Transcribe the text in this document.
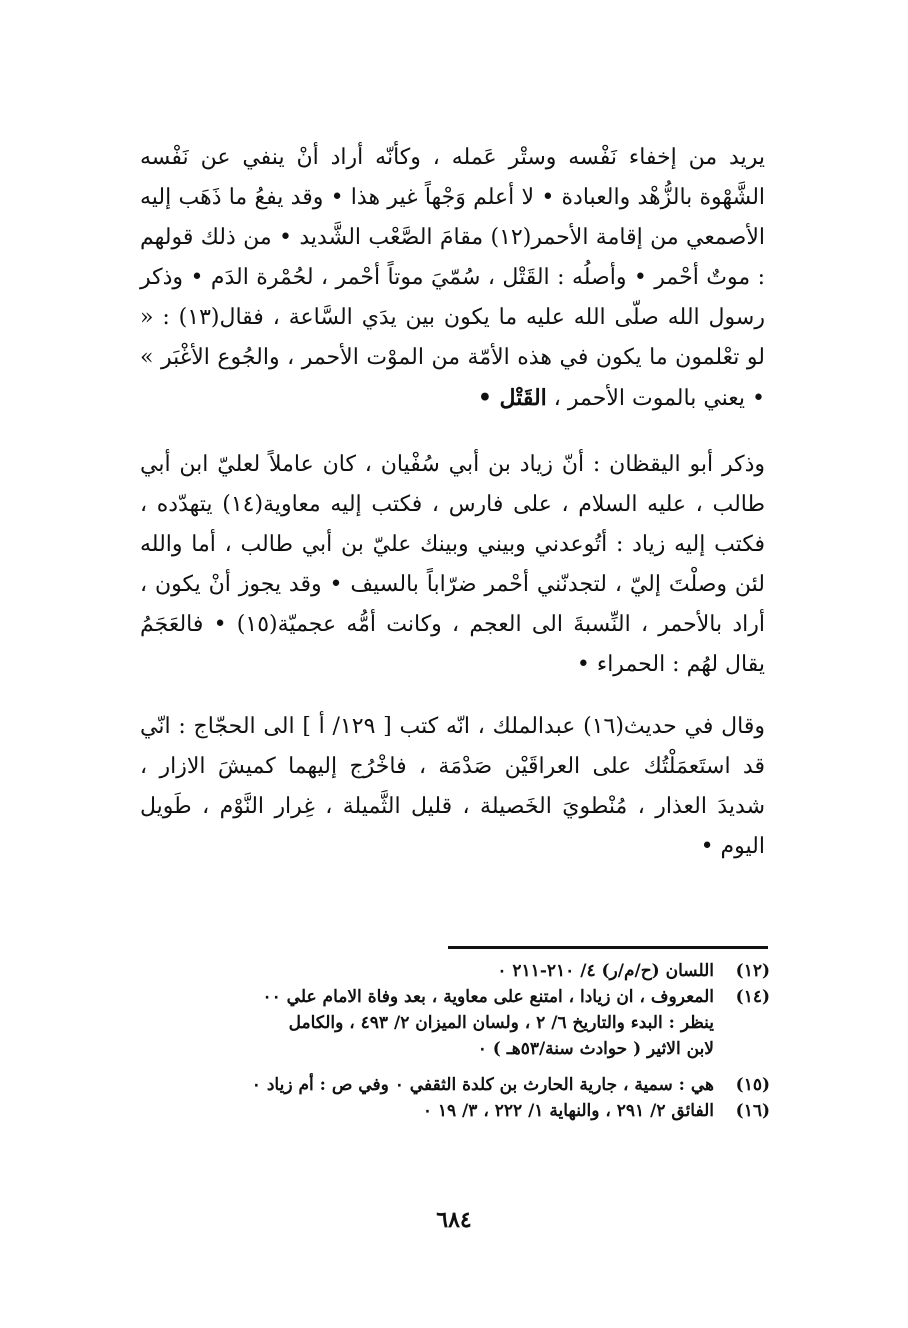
يريد من إخفاء نَفْسه وستْر عَمله ، وكأنّه أراد أنْ ينفي عن نَفْسه الشَّهْوة بالزُّهْد والعبادة • لا أعلم وَجْهاً غير هذا • وقد يفعُ ما ذَهَب إليه الأصمعي من إقامة الأحمر(١٢) مقامَ الصَّعْب الشَّديد • من ذلك قولهم : موتٌ أحْمر • وأصلُه : القَتْل ، سُمّيَ موتاً أحْمر ، لحُمْرة الدَم • وذكر رسول الله صلّى الله عليه ما يكون بين يدَي السَّاعة ، فقال(١٣) : « لو تعْلمون ما يكون في هذه الأمّة من الموْت الأحمر ، والجُوع الأغْبَر » • يعني بالموت الأحمر ، القَتْل •

وذكر أبو اليقظان : أنّ زياد بن أبي سُفْيان ، كان عاملاً لعليّ ابن أبي طالب ، عليه السلام ، على فارس ، فكتب إليه معاوية(١٤) يتهدّده ، فكتب إليه زياد : أتُوعدني وبيني وبينك عليّ بن أبي طالب ، أما والله لئن وصلْتَ إليّ ، لتجدنّني أحْمر ضرّاباً بالسيف • وقد يجوز أنْ يكون ، أراد بالأحمر ، النِّسبةَ الى العجم ، وكانت أمُّه عجميّة(١٥) • فالعَجَمُ يقال لهُم : الحمراء •

وقال في حديث(١٦) عبدالملك ، انّه كتب [ ١٢٩/ أ ] الى الحجّاج : انّي قد استَعمَلْتُك على العراقَيْن صَدْمَة ، فاخْرُج إليهما كميشَ الازار ، شديدَ العذار ، مُنْطويَ الخَصيلة ، قليل الثَّميلة ، غِرار النَّوْم ، طَويل اليوم •

(١٢)
اللسان (ح/م/ر) ٤/ ٢١٠-٢١١ ٠
(١٤)
المعروف ، ان زيادا ، امتنع على معاوية ، بعد وفاة الامام علي ٠٠
ينظر : البدء والتاريخ ٦/ ٢ ، ولسان الميزان ٢/ ٤٩٣ ، والكامل
لابن الاثير ( حوادث سنة/٥٣هـ ) ٠
(١٥)
هي : سمية ، جارية الحارث بن كلدة الثقفي ٠ وفي ص : أم زياد ٠
(١٦)
الفائق ٢/ ٢٩١ ، والنهاية ١/ ٢٢٢ ، ٣/ ١٩ ٠
٦٨٤
